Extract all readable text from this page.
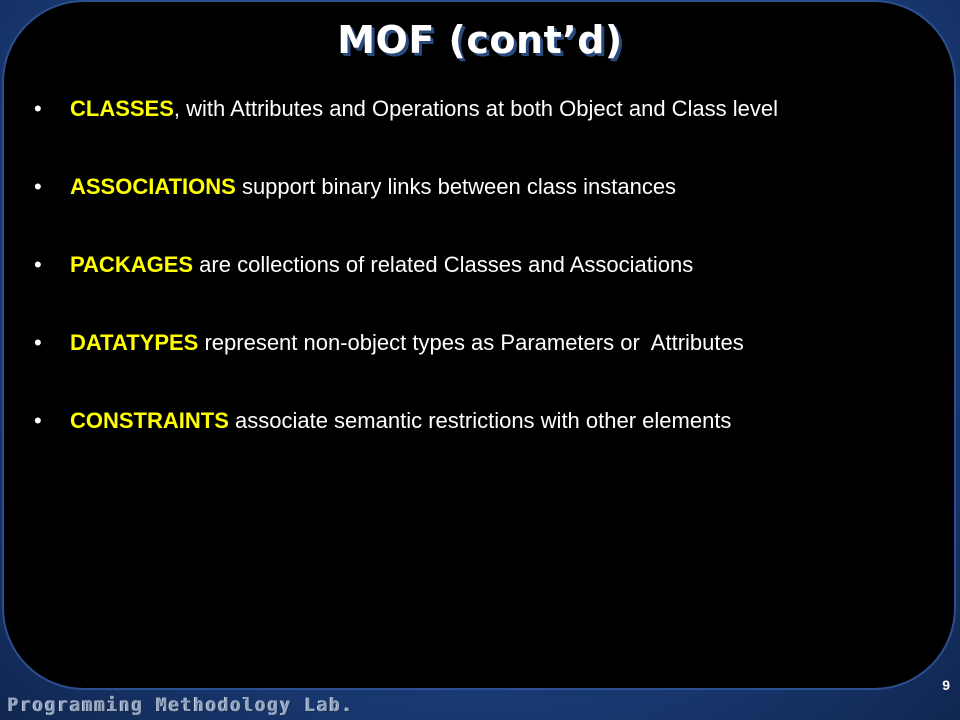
MOF (cont’d)
• CLASSES, with Attributes and Operations at both Object and Class level
• ASSOCIATIONS support binary links between class instances
• PACKAGES are collections of related Classes and Associations
• DATATYPES represent non-object types as Parameters or  Attributes
• CONSTRAINTS associate semantic restrictions with other elements
Programming Methodology Lab.
9
